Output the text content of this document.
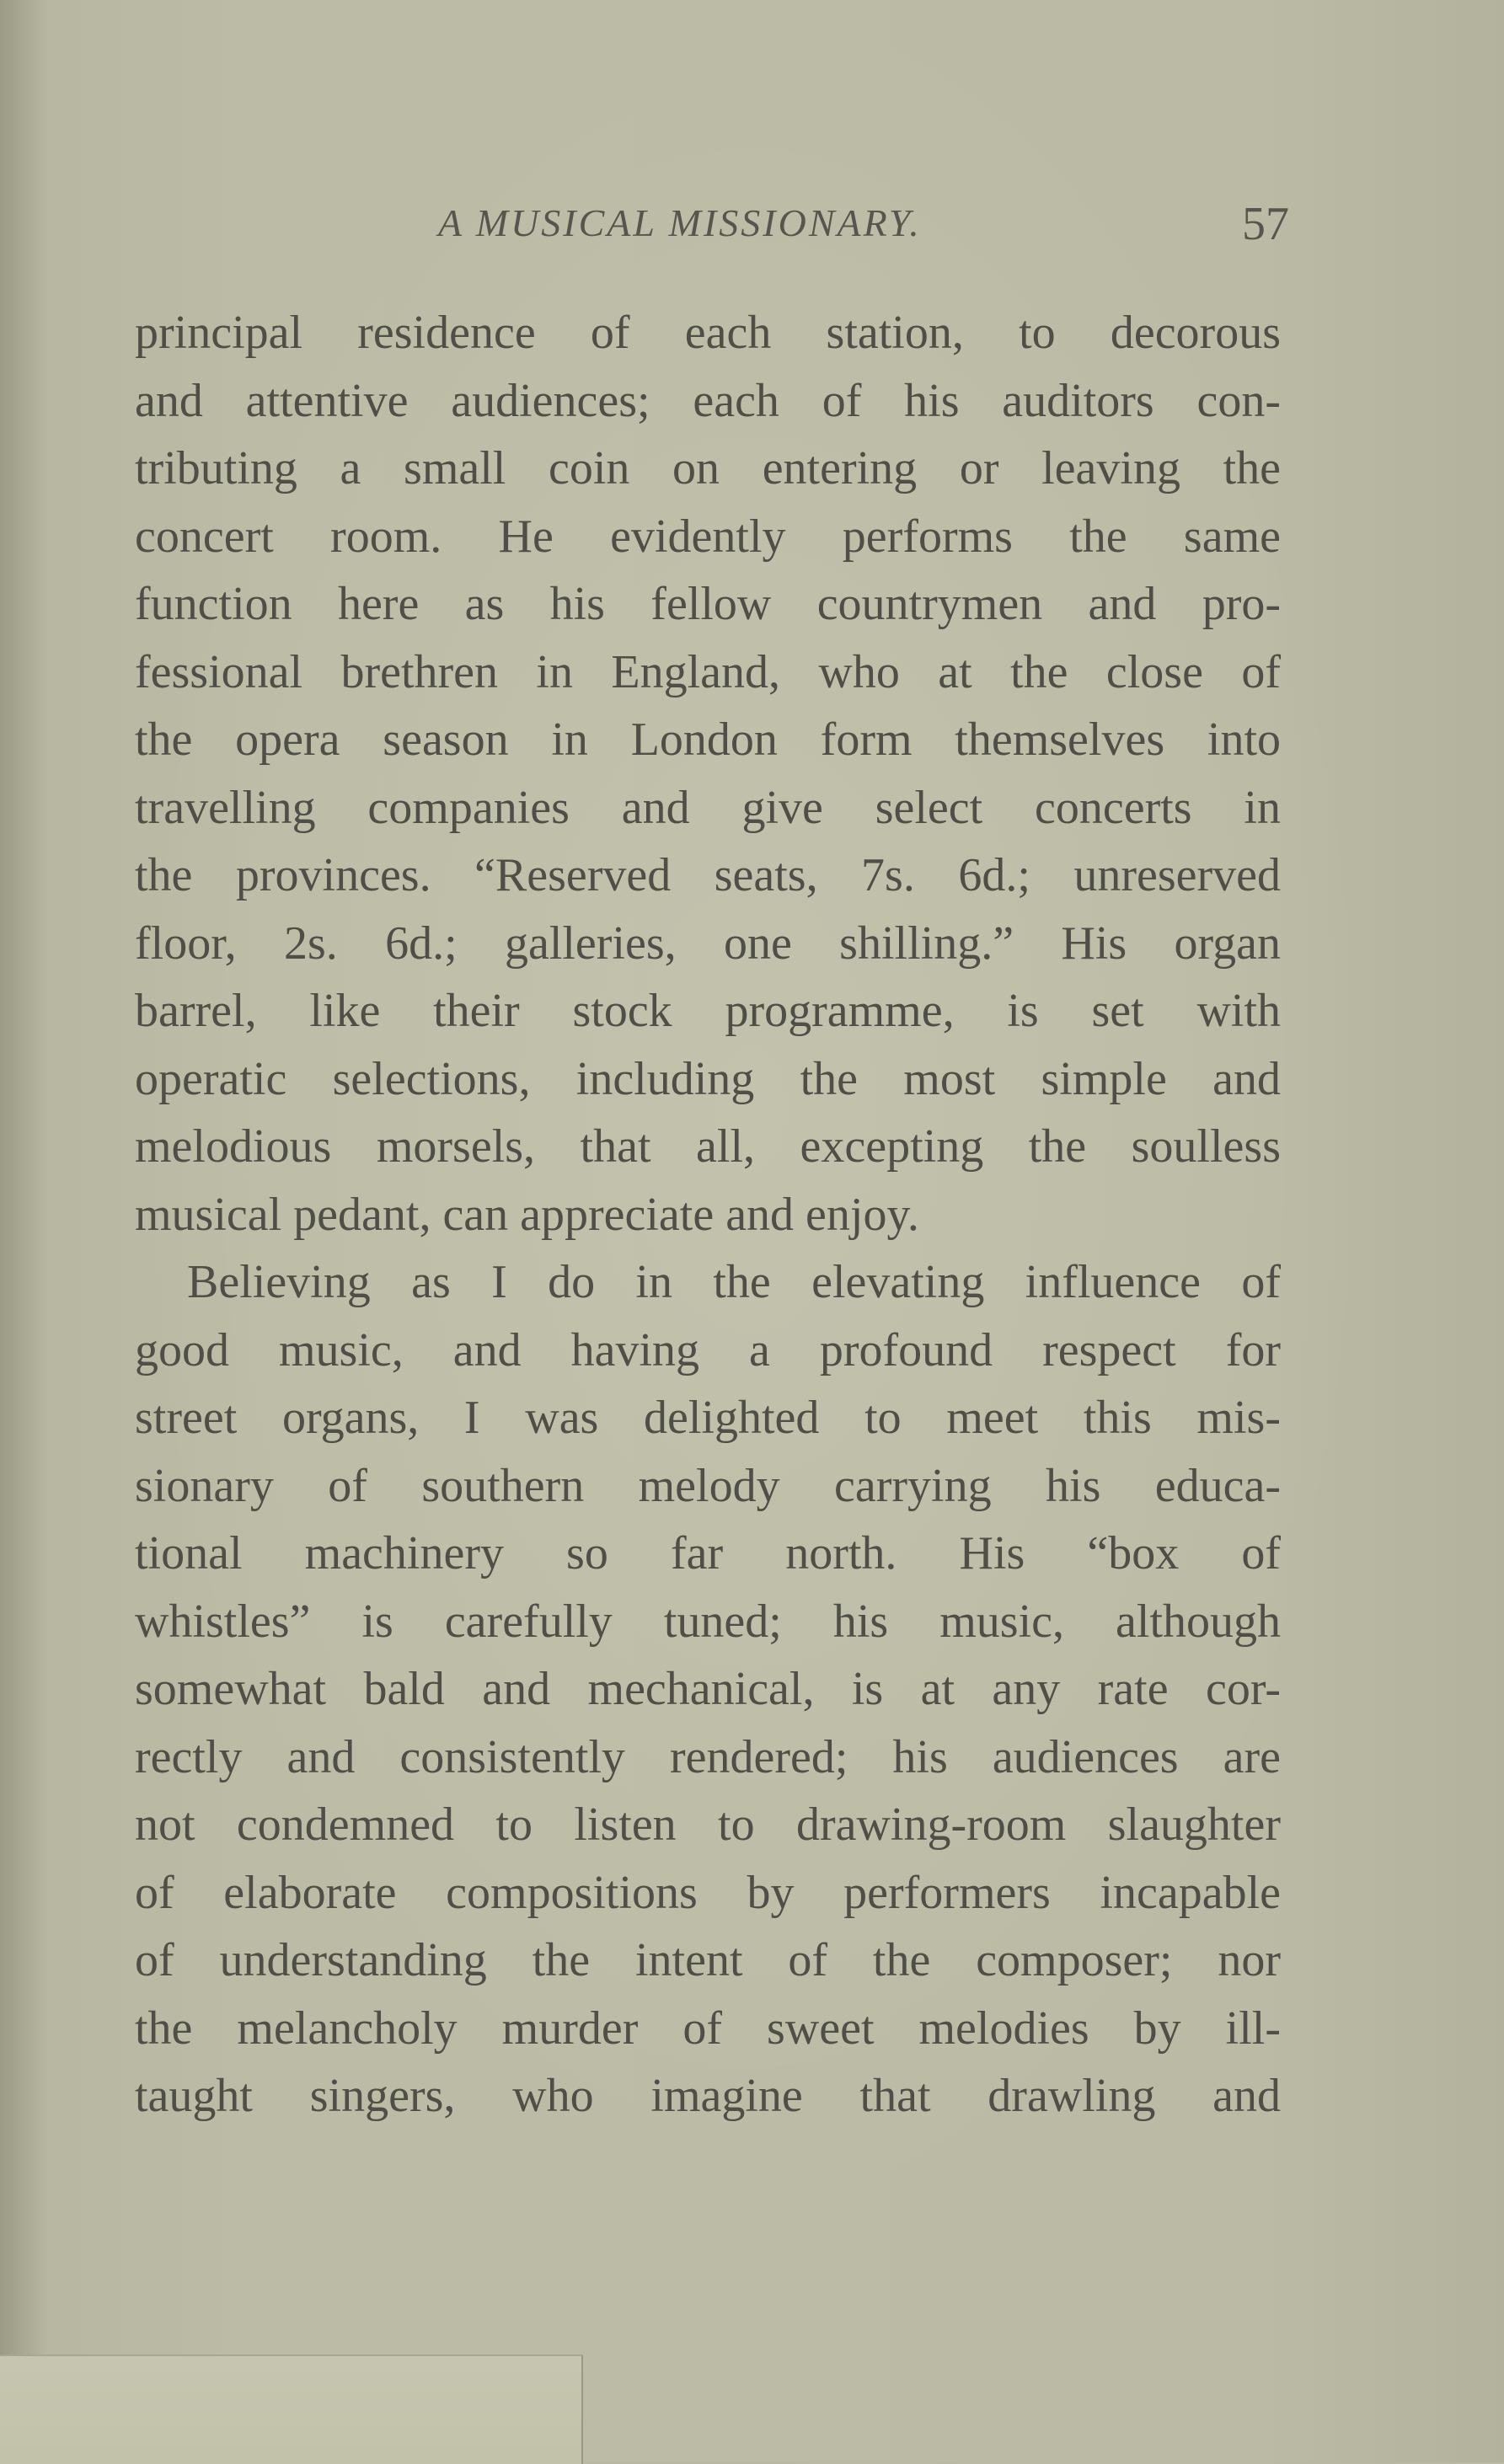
A MUSICAL MISSIONARY.	57
principal residence of each station, to decorous
and attentive audiences; each of his auditors con-
tributing a small coin on entering or leaving the
concert room. He evidently performs the same
function here as his fellow countrymen and pro-
fessional brethren in England, who at the close of
the opera season in London form themselves into
travelling companies and give select concerts in
the provinces. “Reserved seats, 7s. 6d.; unreserved
floor, 2s. 6d.; galleries, one shilling.” His organ
barrel, like their stock programme, is set with
operatic selections, including the most simple and
melodious morsels, that all, excepting the soulless
musical pedant, can appreciate and enjoy.
Believing as I do in the elevating influence of
good music, and having a profound respect for
street organs, I was delighted to meet this mis-
sionary of southern melody carrying his educa-
tional machinery so far north. His “box of
whistles” is carefully tuned; his music, although
somewhat bald and mechanical, is at any rate cor-
rectly and consistently rendered; his audiences are
not condemned to listen to drawing-room slaughter
of elaborate compositions by performers incapable
of understanding the intent of the composer; nor
the melancholy murder of sweet melodies by ill-
taught singers, who imagine that drawling and
